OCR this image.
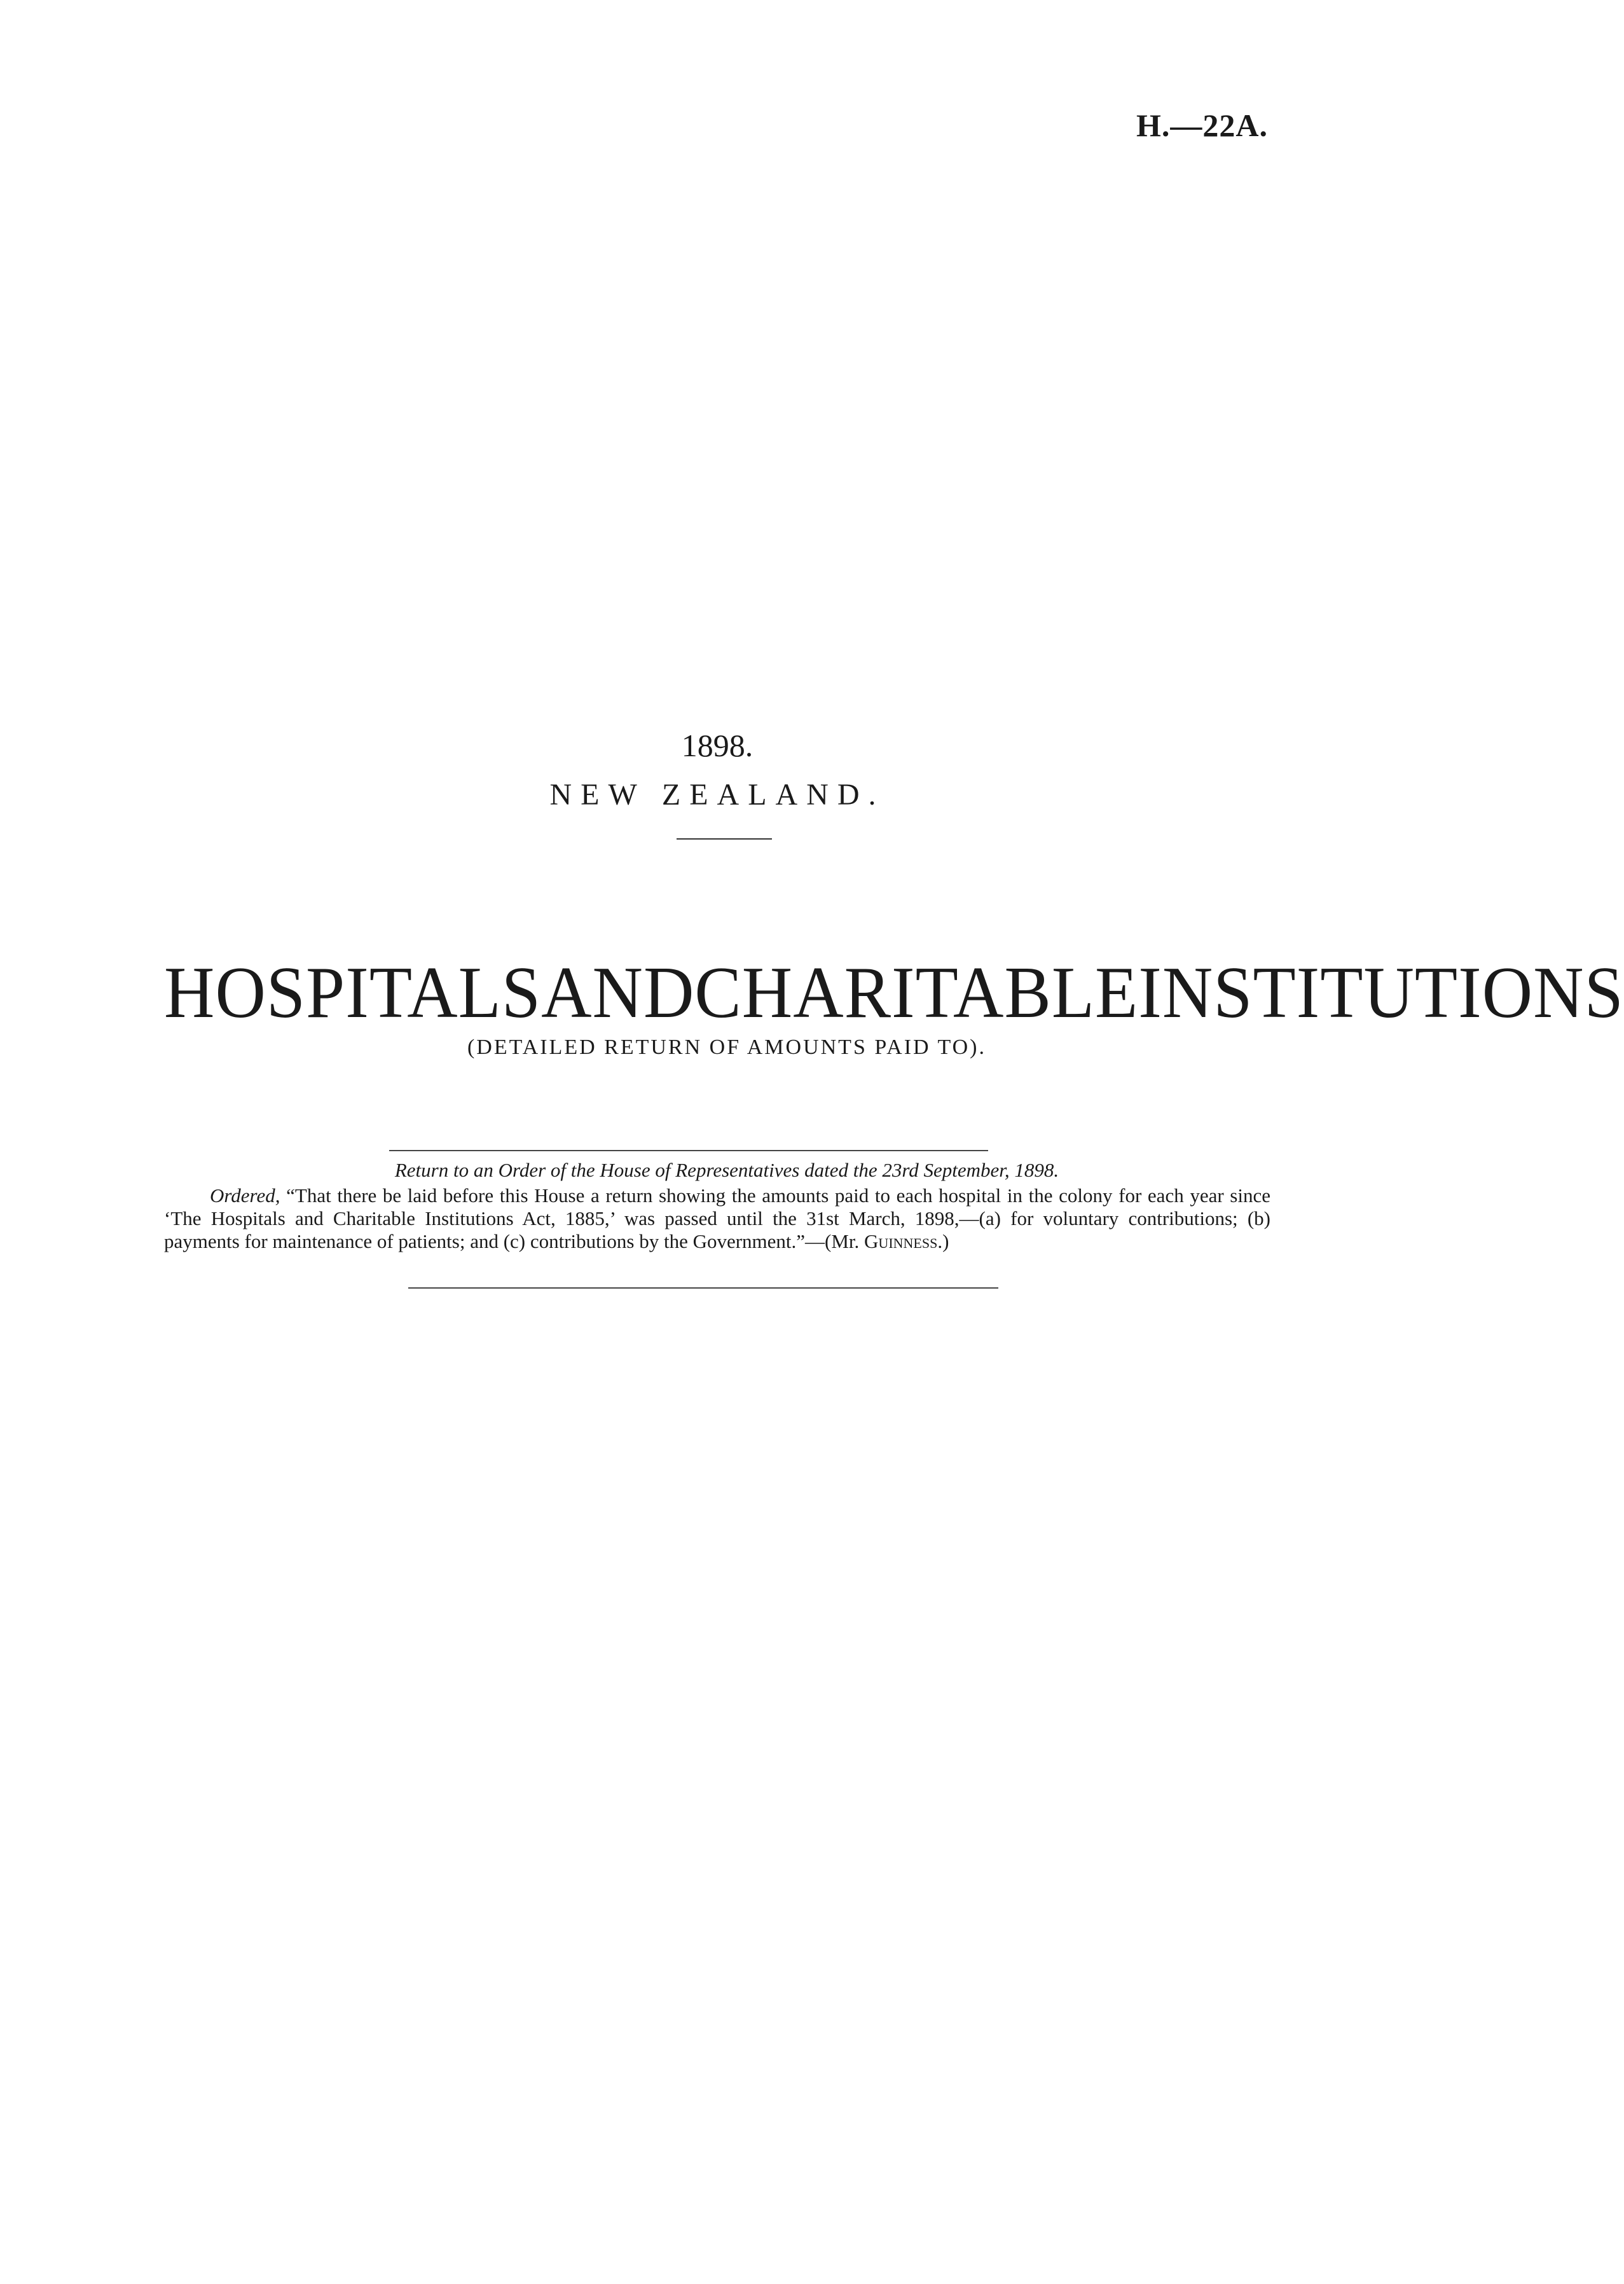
H.—22A.
1898.
NEW ZEALAND.
HOSPITALS AND CHARITABLE INSTITUTIONS
(DETAILED RETURN OF AMOUNTS PAID TO).
Return to an Order of the House of Representatives dated the 23rd September, 1898.
Ordered, “That there be laid before this House a return showing the amounts paid to each hospital in the colony for each year since ‘The Hospitals and Charitable Institutions Act, 1885,’ was passed until the 31st March, 1898,—(a) for voluntary contributions; (b) payments for maintenance of patients; and (c) contributions by the Government.”—(Mr. Guinness.)
